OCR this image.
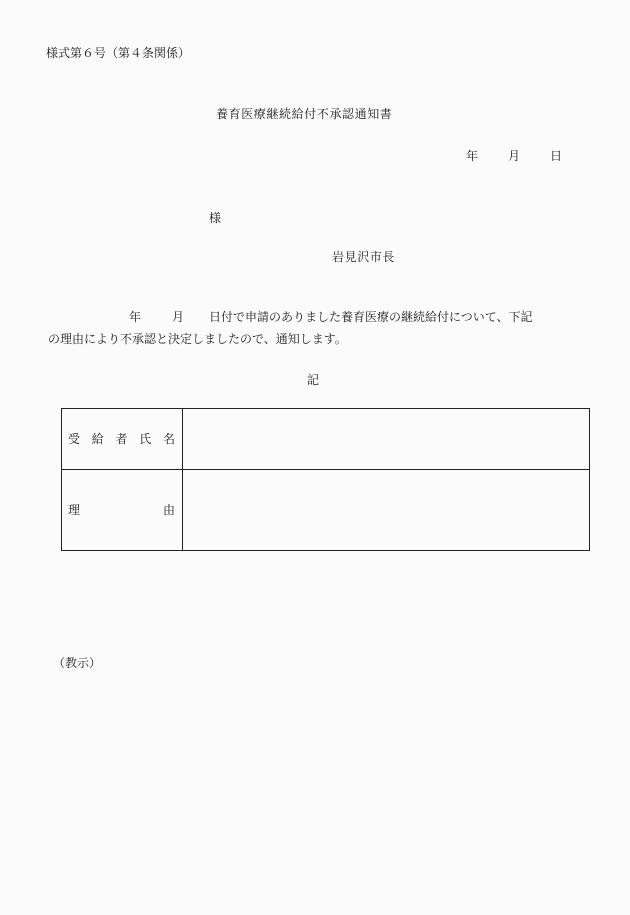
様式第６号（第４条関係）
養育医療継続給付不承認通知書
年	月	日
様
岩見沢市長
年	月	日付で申請のありました養育医療の継続給付について、下記
の理由により不承認と決定しましたので、通知します。
記
受 給 者 氏 名	

理 由	

（教示）
